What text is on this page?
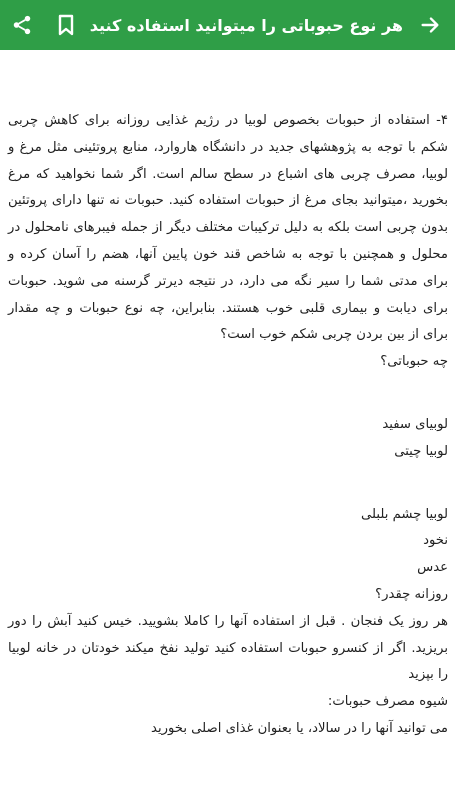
هر نوع حبوباتی را میتوانید استفاده کنید

۴- استفاده از حبوبات بخصوص لوبیا در رژیم غذایی روزانه برای کاهش چربی شکم با توجه به پژوهشهای جدید در دانشگاه هاروارد، منابع پروتئینی مثل مرغ و لوبیا، مصرف چربی های اشباع در سطح سالم است. اگر شما نخواهید که مرغ بخورید ،میتوانید بجای مرغ از حبوبات استفاده کنید. حبوبات نه تنها دارای پروتئین بدون چربی است بلکه به دلیل ترکیبات مختلف دیگر از جمله فیبرهای نامحلول در محلول و همچنین با توجه به شاخص قند خون پایین آنها، هضم را آسان کرده و برای مدتی شما را سیر نگه می دارد، در نتیجه دیرتر گرسنه می شوید. حبوبات برای دیابت و بیماری قلبی خوب هستند. بنابراین، چه نوع حبوبات و چه مقدار برای از بین بردن چربی شکم خوب است؟

چه حبوباتی؟

لوبیای سفید

لوبیا چیتی

لوبیا چشم بلبلی

نخود

عدس

روزانه چقدر؟

هر روز یک فنجان . قبل از استفاده آنها را کاملا بشویید. خیس کنید آبش را دور بریزید. اگر از کنسرو حبوبات استفاده کنید تولید نفخ میکند خودتان در خانه لوبیا را بپزید

شیوه مصرف حبوبات:

می توانید آنها را در سالاد، یا بعنوان غذای اصلی بخورید
